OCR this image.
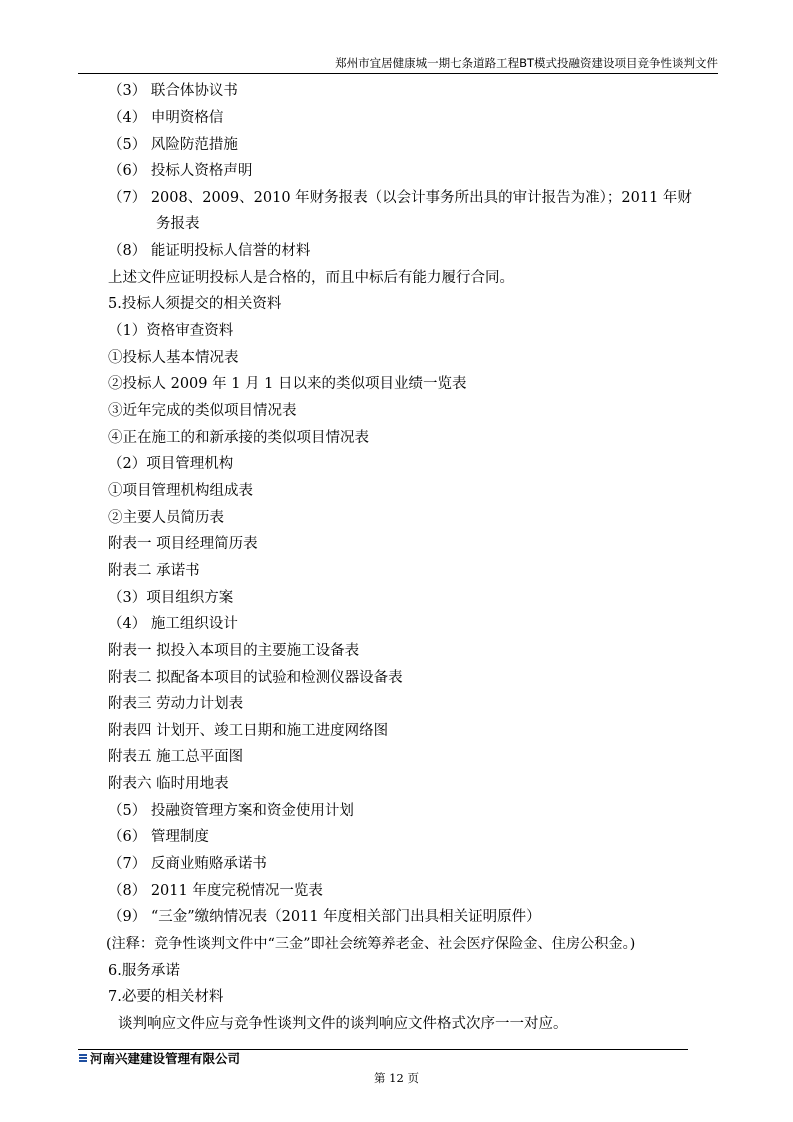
郑州市宜居健康城一期七条道路工程BT模式投融资建设项目竞争性谈判文件
（3） 联合体协议书
（4） 申明资格信
（5） 风险防范措施
（6） 投标人资格声明
（7） 2008、2009、2010 年财务报表（以会计事务所出具的审计报告为准）；2011 年财
务报表
（8） 能证明投标人信誉的材料
上述文件应证明投标人是合格的，而且中标后有能力履行合同。
5.投标人须提交的相关资料
（1）资格审查资料
①投标人基本情况表
②投标人 2009 年 1 月 1 日以来的类似项目业绩一览表
③近年完成的类似项目情况表
④正在施工的和新承接的类似项目情况表
（2）项目管理机构
①项目管理机构组成表
②主要人员简历表
附表一 项目经理简历表
附表二 承诺书
（3）项目组织方案
（4） 施工组织设计
附表一 拟投入本项目的主要施工设备表
附表二 拟配备本项目的试验和检测仪器设备表
附表三 劳动力计划表
附表四 计划开、竣工日期和施工进度网络图
附表五 施工总平面图
附表六 临时用地表
（5） 投融资管理方案和资金使用计划
（6） 管理制度
（7） 反商业贿赂承诺书
（8） 2011 年度完税情况一览表
（9） “三金”缴纳情况表（2011 年度相关部门出具相关证明原件）
(注释：竞争性谈判文件中“三金”即社会统筹养老金、社会医疗保险金、住房公积金。)
6.服务承诺
7.必要的相关材料
谈判响应文件应与竞争性谈判文件的谈判响应文件格式次序一一对应。
河南兴建建设管理有限公司
第 12 页
